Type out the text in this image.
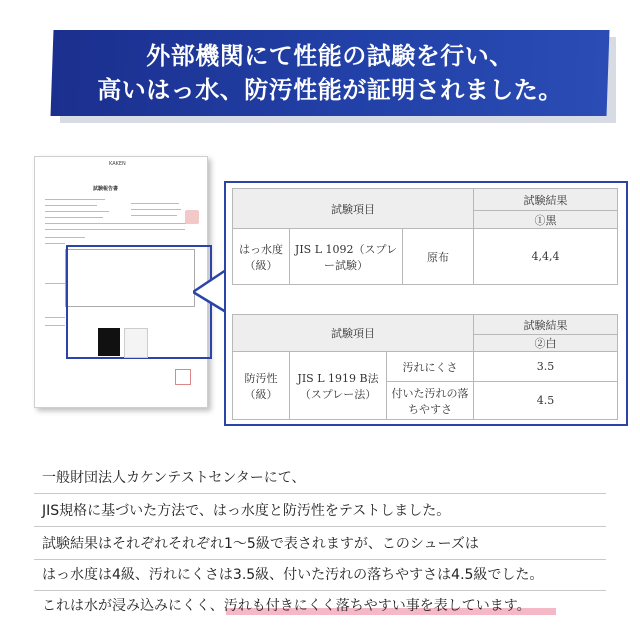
外部機関にて性能の試験を行い、
高いはっ水、防汚性能が証明されました。
KAKEN
試験報告書
試験項目			試験結果
			①黒
はっ水度（級）	JIS L 1092（スプレー試験）	原布	4,4,4
試験項目			試験結果
			②白
防汚性（級）	JIS L 1919 B法（スプレー法）	汚れにくさ	3.5
		付いた汚れの落ちやすさ	4.5
一般財団法人カケンテストセンターにて、
JIS規格に基づいた方法で、はっ水度と防汚性をテストしました。
試験結果はそれぞれそれぞれ1～5級で表されますが、このシューズは
はっ水度は4級、汚れにくさは3.5級、付いた汚れの落ちやすさは4.5級でした。
これは水が浸み込みにくく、汚れも付きにくく落ちやすい事を表しています。
